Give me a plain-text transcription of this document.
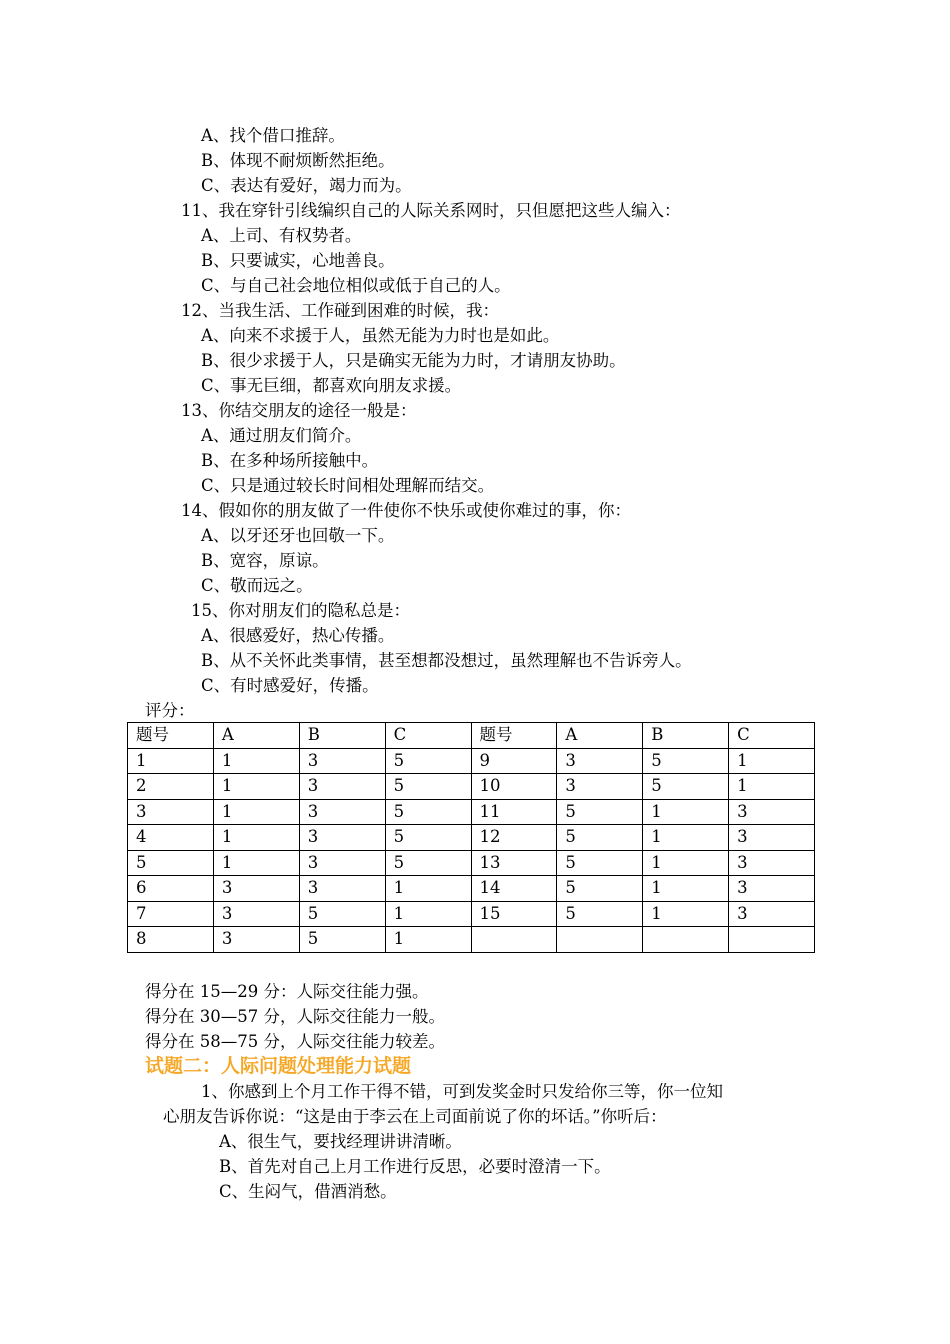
A、找个借口推辞。
B、体现不耐烦断然拒绝。
C、表达有爱好，竭力而为。
11、我在穿针引线编织自己的人际关系网时，只但愿把这些人编入：
A、上司、有权势者。
B、只要诚实，心地善良。
C、与自己社会地位相似或低于自己的人。
12、当我生活、工作碰到困难的时候，我：
A、向来不求援于人，虽然无能为力时也是如此。
B、很少求援于人，只是确实无能为力时，才请朋友协助。
C、事无巨细，都喜欢向朋友求援。
13、你结交朋友的途径一般是：
A、通过朋友们简介。
B、在多种场所接触中。
C、只是通过较长时间相处理解而结交。
14、假如你的朋友做了一件使你不快乐或使你难过的事，你：
A、以牙还牙也回敬一下。
B、宽容，原谅。
C、敬而远之。
15、你对朋友们的隐私总是：
A、很感爱好，热心传播。
B、从不关怀此类事情，甚至想都没想过，虽然理解也不告诉旁人。
C、有时感爱好，传播。
评分：
题号	A	B	C	题号	A	B	C
1	1	3	5	9	3	5	1
2	1	3	5	10	3	5	1
3	1	3	5	11	5	1	3
4	1	3	5	12	5	1	3
5	1	3	5	13	5	1	3
6	3	3	1	14	5	1	3
7	3	5	1	15	5	1	3
8	3	5	1				
得分在 15—29 分：人际交往能力强。
得分在 30—57 分，人际交往能力一般。
得分在 58—75 分，人际交往能力较差。
试题二：人际问题处理能力试题
1、你感到上个月工作干得不错，可到发奖金时只发给你三等，你一位知
心朋友告诉你说：“这是由于李云在上司面前说了你的坏话。”你听后：
A、很生气，要找经理讲讲清晰。
B、首先对自己上月工作进行反思，必要时澄清一下。
C、生闷气，借酒消愁。
